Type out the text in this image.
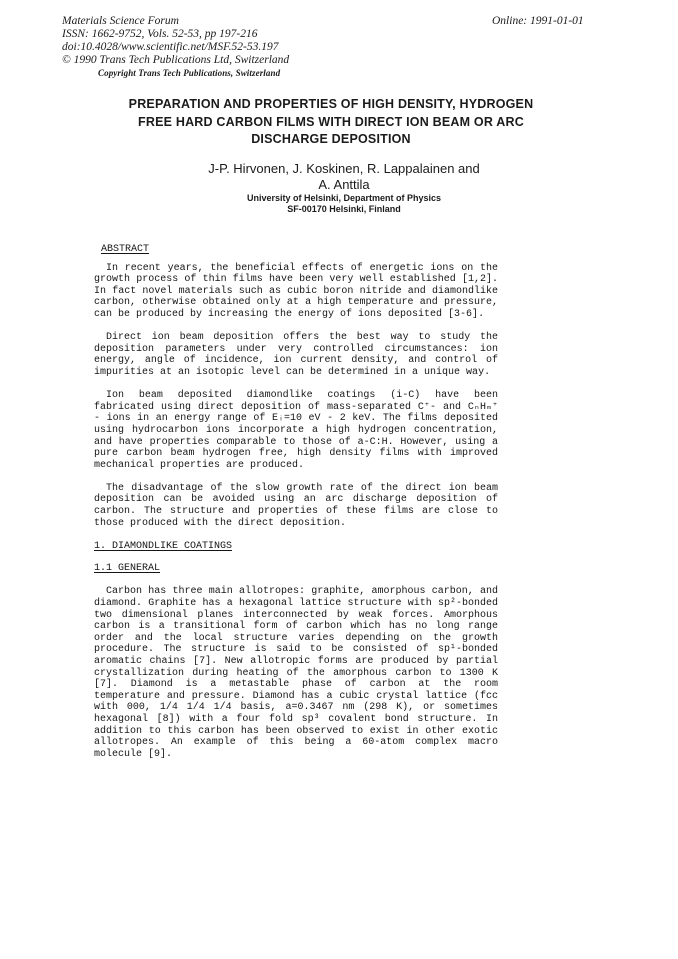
Materials Science Forum
ISSN: 1662-9752, Vols. 52-53, pp 197-216
doi:10.4028/www.scientific.net/MSF.52-53.197
© 1990 Trans Tech Publications Ltd, Switzerland
Copyright Trans Tech Publications, Switzerland
Online: 1991-01-01
PREPARATION AND PROPERTIES OF HIGH DENSITY, HYDROGEN
FREE HARD CARBON FILMS WITH DIRECT ION BEAM OR ARC
DISCHARGE DEPOSITION
J-P. Hirvonen, J. Koskinen, R. Lappalainen and
A. Anttila
University of Helsinki, Department of Physics
SF-00170 Helsinki, Finland
ABSTRACT

In recent years, the beneficial effects of energetic ions on the growth process of thin films have been very well established [1,2]. In fact novel materials such as cubic boron nitride and diamondlike carbon, otherwise obtained only at a high temperature and pressure, can be produced by increasing the energy of ions deposited [3-6].

Direct ion beam deposition offers the best way to study the deposition parameters under very controlled circumstances: ion energy, angle of incidence, ion current density, and control of impurities at an isotopic level can be determined in a unique way.

Ion beam deposited diamondlike coatings (i-C) have been fabricated using direct deposition of mass-separated C⁺- and CₙHₘ⁺ - ions in an energy range of Eᵢ=10 eV - 2 keV. The films deposited using hydrocarbon ions incorporate a high hydrogen concentration, and have properties comparable to those of a-C:H. However, using a pure carbon beam hydrogen free, high density films with improved mechanical properties are produced.

The disadvantage of the slow growth rate of the direct ion beam deposition can be avoided using an arc discharge deposition of carbon. The structure and properties of these films are close to those produced with the direct deposition.

1. DIAMONDLIKE COATINGS
1.1 GENERAL

Carbon has three main allotropes: graphite, amorphous carbon, and diamond. Graphite has a hexagonal lattice structure with sp²-bonded two dimensional planes interconnected by weak forces. Amorphous carbon is a transitional form of carbon which has no long range order and the local structure varies depending on the growth procedure. The structure is said to be consisted of sp¹-bonded aromatic chains [7]. New allotropic forms are produced by partial crystallization during heating of the amorphous carbon to 1300 K [7]. Diamond is a metastable phase of carbon at the room temperature and pressure. Diamond has a cubic crystal lattice (fcc with 000, 1/4 1/4 1/4 basis, a=0.3467 nm (298 K), or sometimes hexagonal [8]) with a four fold sp³ covalent bond structure. In addition to this carbon has been observed to exist in other exotic allotropes. An example of this being a 60-atom complex macro molecule [9].
